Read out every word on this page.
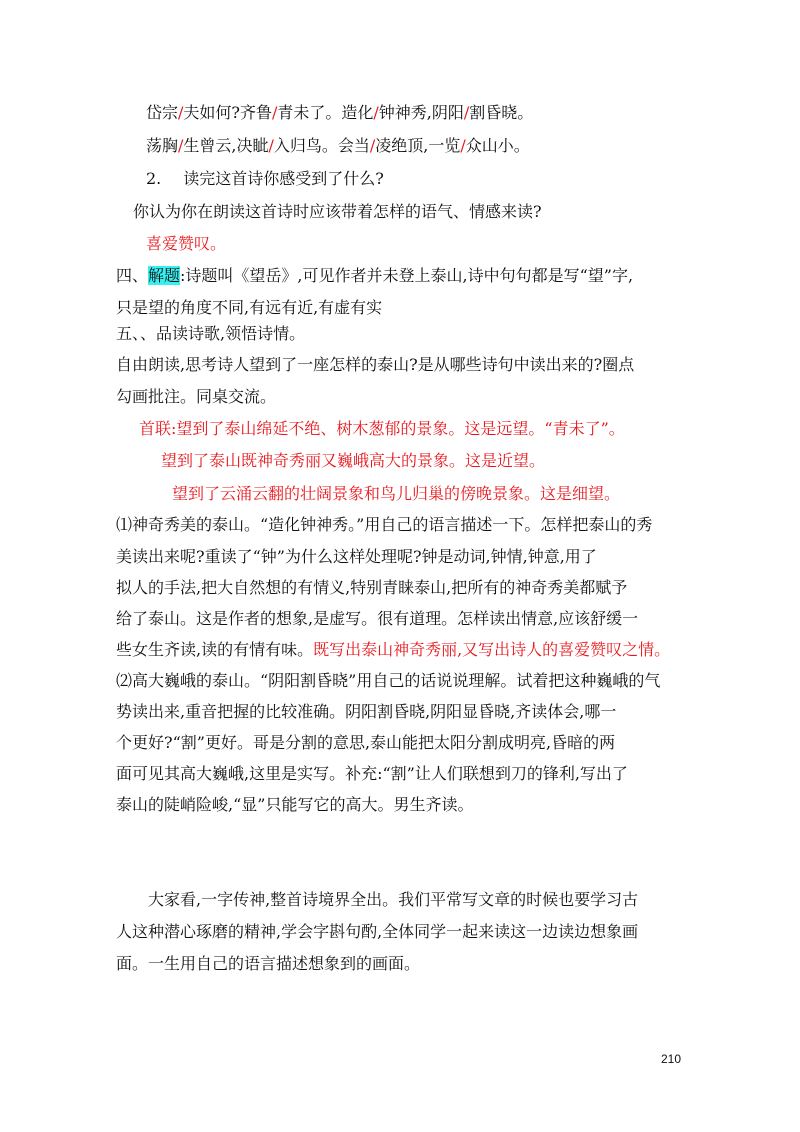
岱宗/夫如何?齐鲁/青未了。造化/钟神秀,阴阳/割昏晓。
荡胸/生曾云,决眦/入归鸟。会当/凌绝顶,一览/众山小。
2. 读完这首诗你感受到了什么?
你认为你在朗读这首诗时应该带着怎样的语气、情感来读?
喜爱赞叹。
四、解题:诗题叫《望岳》,可见作者并未登上泰山,诗中句句都是写“望”字,
只是望的角度不同,有远有近,有虚有实
五、、品读诗歌,领悟诗情。
自由朗读,思考诗人望到了一座怎样的泰山?是从哪些诗句中读出来的?圈点
勾画批注。同桌交流。
首联:望到了泰山绵延不绝、树木葱郁的景象。这是远望。“青未了”。
望到了泰山既神奇秀丽又巍峨高大的景象。这是近望。
望到了云涌云翻的壮阔景象和鸟儿归巢的傍晚景象。这是细望。
⑴神奇秀美的泰山。“造化钟神秀。”用自己的语言描述一下。怎样把泰山的秀
美读出来呢?重读了“钟”为什么这样处理呢?钟是动词,钟情,钟意,用了
拟人的手法,把大自然想的有情义,特别青睐泰山,把所有的神奇秀美都赋予
给了泰山。这是作者的想象,是虚写。很有道理。怎样读出情意,应该舒缓一
些女生齐读,读的有情有味。既写出泰山神奇秀丽,又写出诗人的喜爱赞叹之情。
⑵高大巍峨的泰山。“阴阳割昏晓”用自己的话说说理解。试着把这种巍峨的气
势读出来,重音把握的比较准确。阴阳割昏晓,阴阳显昏晓,齐读体会,哪一
个更好?“割”更好。哥是分割的意思,泰山能把太阳分割成明亮,昏暗的两
面可见其高大巍峨,这里是实写。补充:“割”让人们联想到刀的锋利,写出了
泰山的陡峭险峻,“显”只能写它的高大。男生齐读。
大家看,一字传神,整首诗境界全出。我们平常写文章的时候也要学习古
人这种潜心琢磨的精神,学会字斟句酌,全体同学一起来读这一边读边想象画
面。一生用自己的语言描述想象到的画面。
210
